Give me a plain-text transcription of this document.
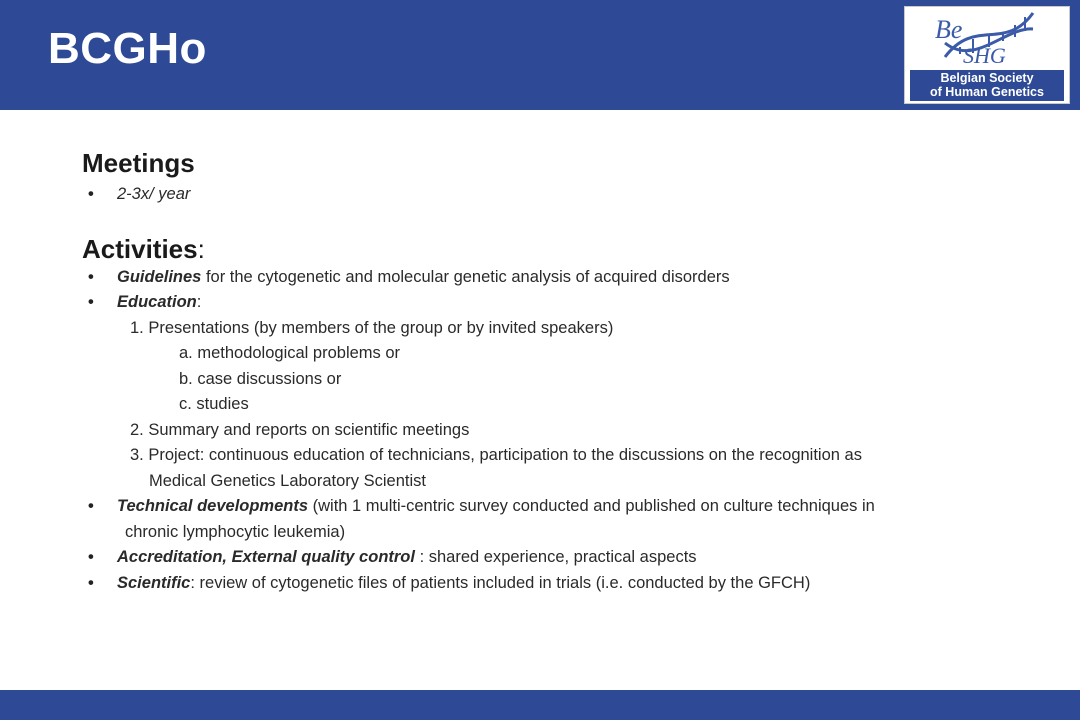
BCGHo	Be
SHG
Belgian Society
of Human Genetics
Meetings
• 2-3x/ year
Activities:
• Guidelines for the cytogenetic and molecular genetic analysis of acquired disorders
• Education:
1. Presentations (by members of the group or by invited speakers)
a. methodological problems or
b. case discussions or
c. studies
2. Summary and reports on scientific meetings
3. Project: continuous education of technicians, participation to the discussions on the recognition as
Medical Genetics Laboratory Scientist
• Technical developments (with 1 multi-centric survey conducted and published on culture techniques in
chronic lymphocytic leukemia)
• Accreditation, External quality control : shared experience, practical aspects
• Scientific: review of cytogenetic files of patients included in trials (i.e. conducted by the GFCH)
